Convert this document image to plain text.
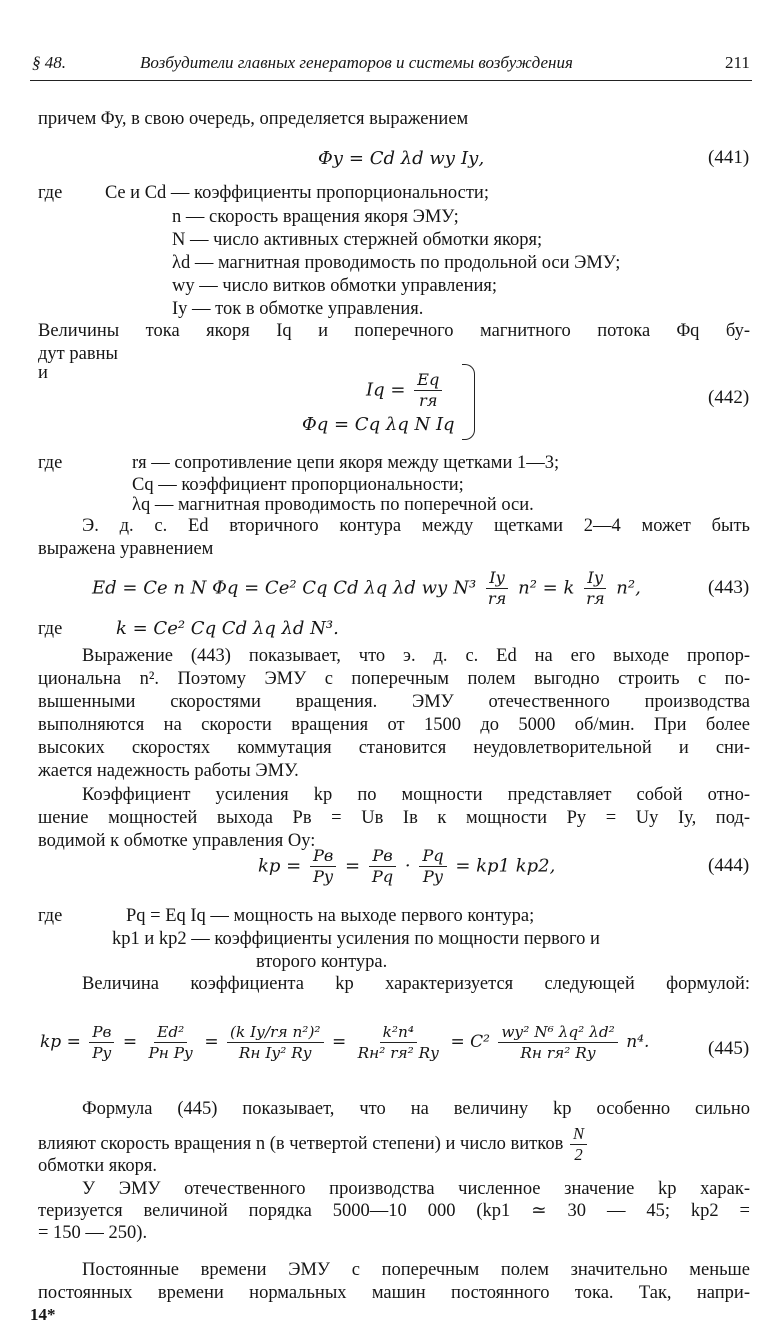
§ 48.	Возбудители главных генераторов и системы возбуждения	211
причем Φу, в свою очередь, определяется выражением
Φу = Cd λd wу Iу,	(441)
где Cе и Cd — коэффициенты пропорциональности;
n — скорость вращения якоря ЭМУ;
N — число активных стержней обмотки якоря;
λd — магнитная проводимость по продольной оси ЭМУ;
wу — число витков обмотки управления;
Iу — ток в обмотке управления.
Величины тока якоря Iq и поперечного магнитного потока Φq бу-
дут равны
и
$Iq = \frac{Eq}{rя}$
Φq = Cq λq N Iq
(442)
где	rя — сопротивление цепи якоря между щетками 1—3;
Cq — коэффициент пропорциональности;
λq — магнитная проводимость по поперечной оси.
Э. д. с. Ed вторичного контура между щетками 2—4 может быть
выражена уравнением
Ed = Cе n N Φq = Cе² Cq Cd λq λd wу $N^3 \frac{Iу}{rя} n^2 = k \frac{Iу}{rя} n^2$,	(443)
где	k = Cе² Cq Cd λq λd N³.
Выражение (443) показывает, что э. д. с. Ed на его выходе пропор-
циональна n². Поэтому ЭМУ с поперечным полем выгодно строить с по-
вышенными скоростями вращения. ЭМУ отечественного производства
выполняются на скорости вращения от 1500 до 5000 об/мин. При более
высоких скоростях коммутация становится неудовлетворительной и сни-
жается надежность работы ЭМУ.
Коэффициент усиления kр по мощности представляет собой отно-
шение мощностей выхода Pв = Uв Iв к мощности Pу = Uу Iу, под-
водимой к обмотке управления Oу:
kр = $\frac{Pв}{Pу} = \frac{Pв}{Pq} \cdot \frac{Pq}{Pу} = kр1$ kр2,	(444)
где	Pq = Eq Iq — мощность на выходе первого контура;
kр1 и kр2 — коэффициенты усиления по мощности первого и
второго контура.
Величина коэффициента kр характеризуется следующей формулой:
kр = $\frac{Pв}{Pу} = \frac{\text{Ed²}}{\text{Pн Pу}} = \frac{\text{(k Iу/rя n²)²}}{\text{Rн Iу² Rу}} = \frac{\text{k²n⁴}}{\text{Rн² rя² Rу}} = C^2 \frac{\text{wу² N⁶ λq² λd²}}{\text{Rн rя² Rу}} n^4$.	(445)
Формула (445) показывает, что на величину kр особенно сильно
влияют скорость вращения n (в четвертой степени) и число витков $\frac{N}{2}$
обмотки якоря.
У ЭМУ отечественного производства численное значение kр харак-
теризуется величиной порядка 5000—10 000 (kр1 ≃ 30 — 45; kр2 =
= 150 — 250).
Постоянные времени ЭМУ с поперечным полем значительно меньше
постоянных времени нормальных машин постоянного тока. Так, напри-
14*
